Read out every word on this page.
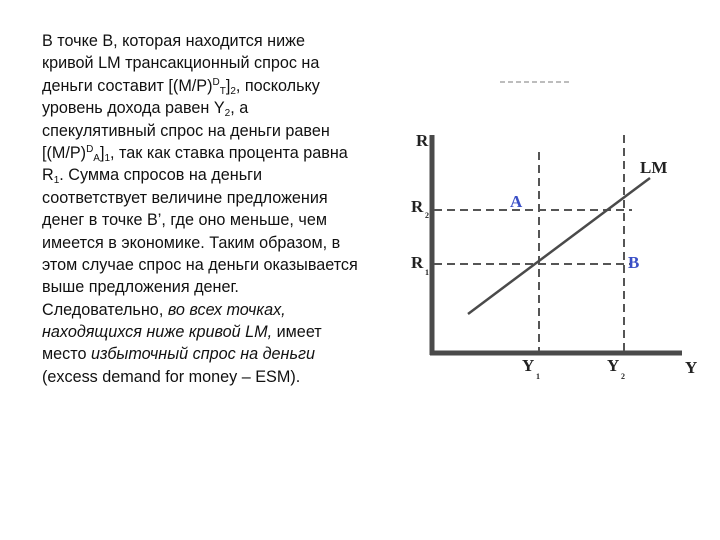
В точке B, которая находится ниже
кривой LM трансакционный спрос на
деньги составит $[(M/P)^D_T]_2$, поскольку
уровень дохода равен $Y_2$, а
спекулятивный спрос на деньги равен
$[(M/P)^D_A]_1$, так как ставка процента равна
$R_1$. Сумма спросов на деньги
соответствует величине предложения
денег в точке B’, где оно меньше, чем
имеется в экономике. Таким образом, в
этом случае спрос на деньги оказывается
выше предложения денег.
Следовательно, во всех точках,
находящихся ниже кривой LM, имеет
место избыточный спрос на деньги
(excess demand for money – ESM).
R
Y
LM
R 2
R
1
Y
1
Y
2
A
B
